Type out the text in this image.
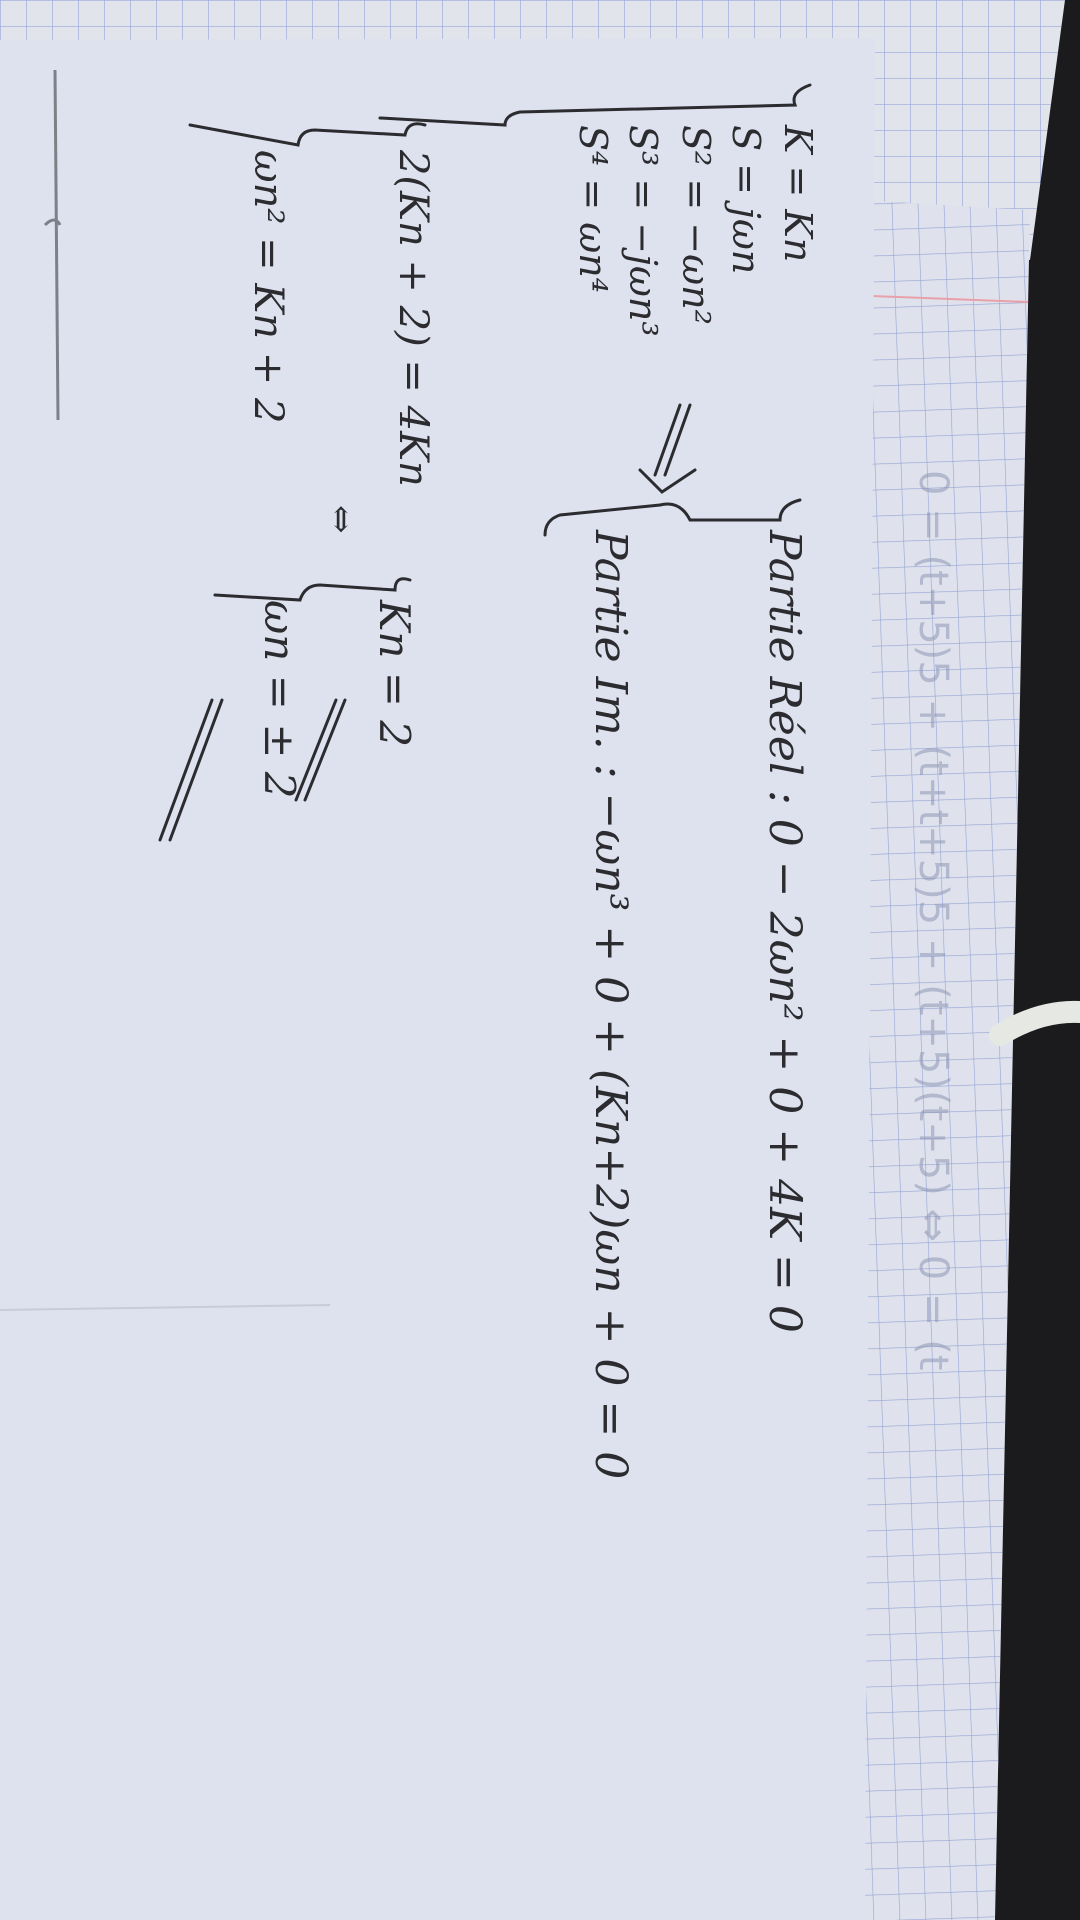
0 = (t+5)5 + (t+t+5)5 + (t+5)(t+5) ⇔ 0 = (t
K = Kn
S = jωn
S² = −ωn²
S³ = −jωn³
S⁴ = ωn⁴
Partie Réel : 0 − 2ωn² + 0 + 4K = 0
Partie Im. : −ωn³ + 0 + (Kn+2)ωn + 0 = 0
2(Kn + 2) = 4Kn
ωn² = Kn + 2
⇔
Kn = 2
ωn = ± 2
